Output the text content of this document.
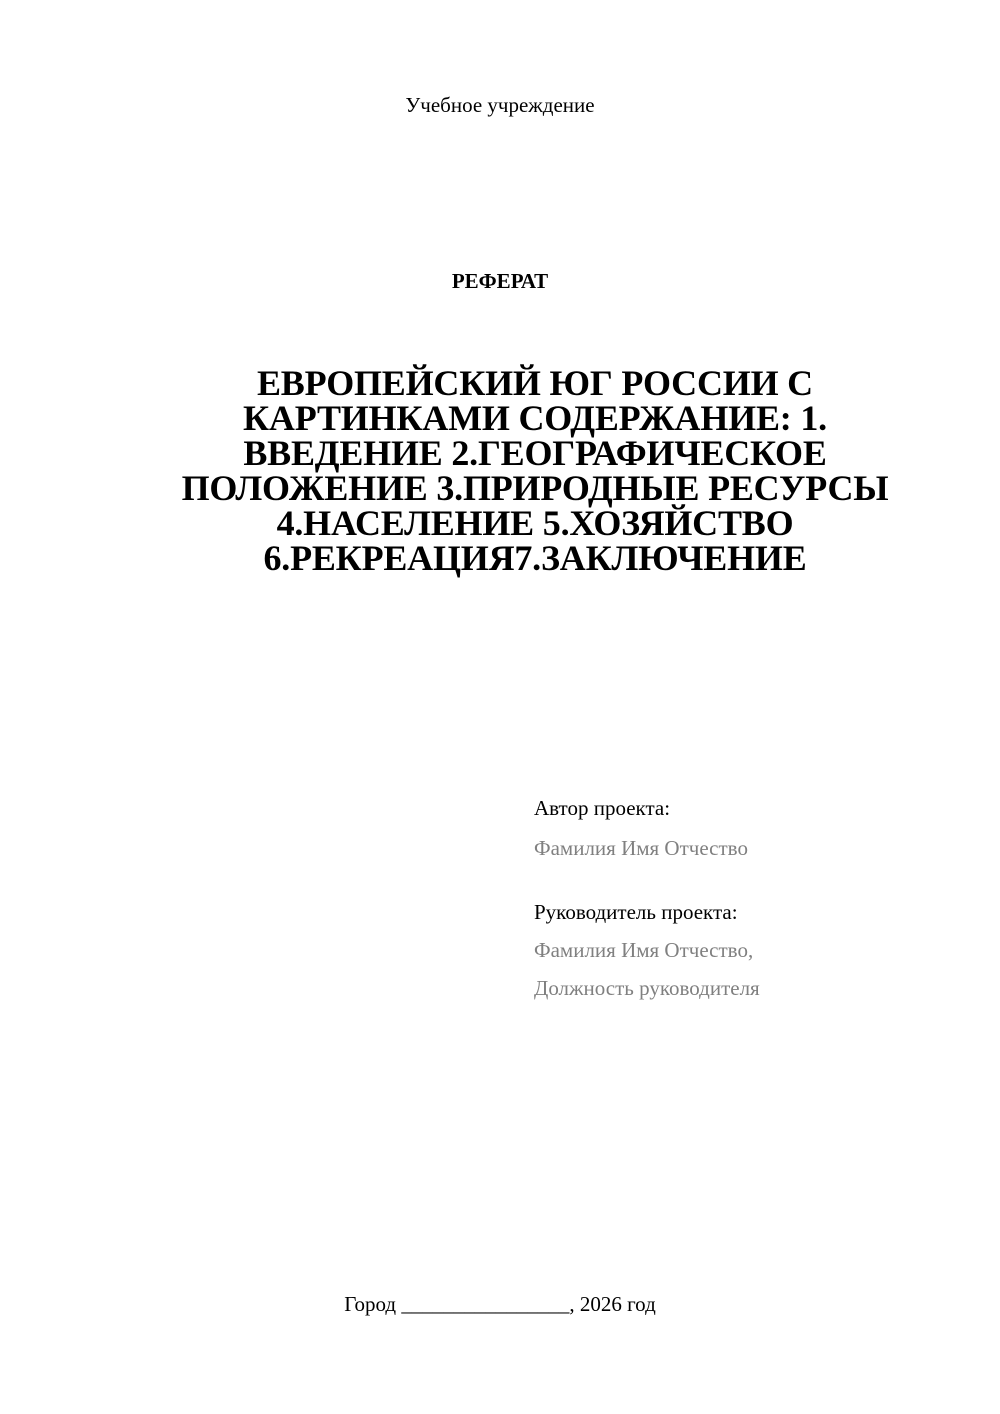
Учебное учреждение
РЕФЕРАТ
ЕВРОПЕЙСКИЙ ЮГ РОССИИ С КАРТИНКАМИ СОДЕРЖАНИЕ: 1. ВВЕДЕНИЕ 2.ГЕОГРАФИЧЕСКОЕ ПОЛОЖЕНИЕ 3.ПРИРОДНЫЕ РЕСУРСЫ 4.НАСЕЛЕНИЕ 5.ХОЗЯЙСТВО 6.РЕКРЕАЦИЯ7.ЗАКЛЮЧЕНИЕ
Автор проекта:
Фамилия Имя Отчество
Руководитель проекта:
Фамилия Имя Отчество,
Должность руководителя
Город ________________, 2026 год
